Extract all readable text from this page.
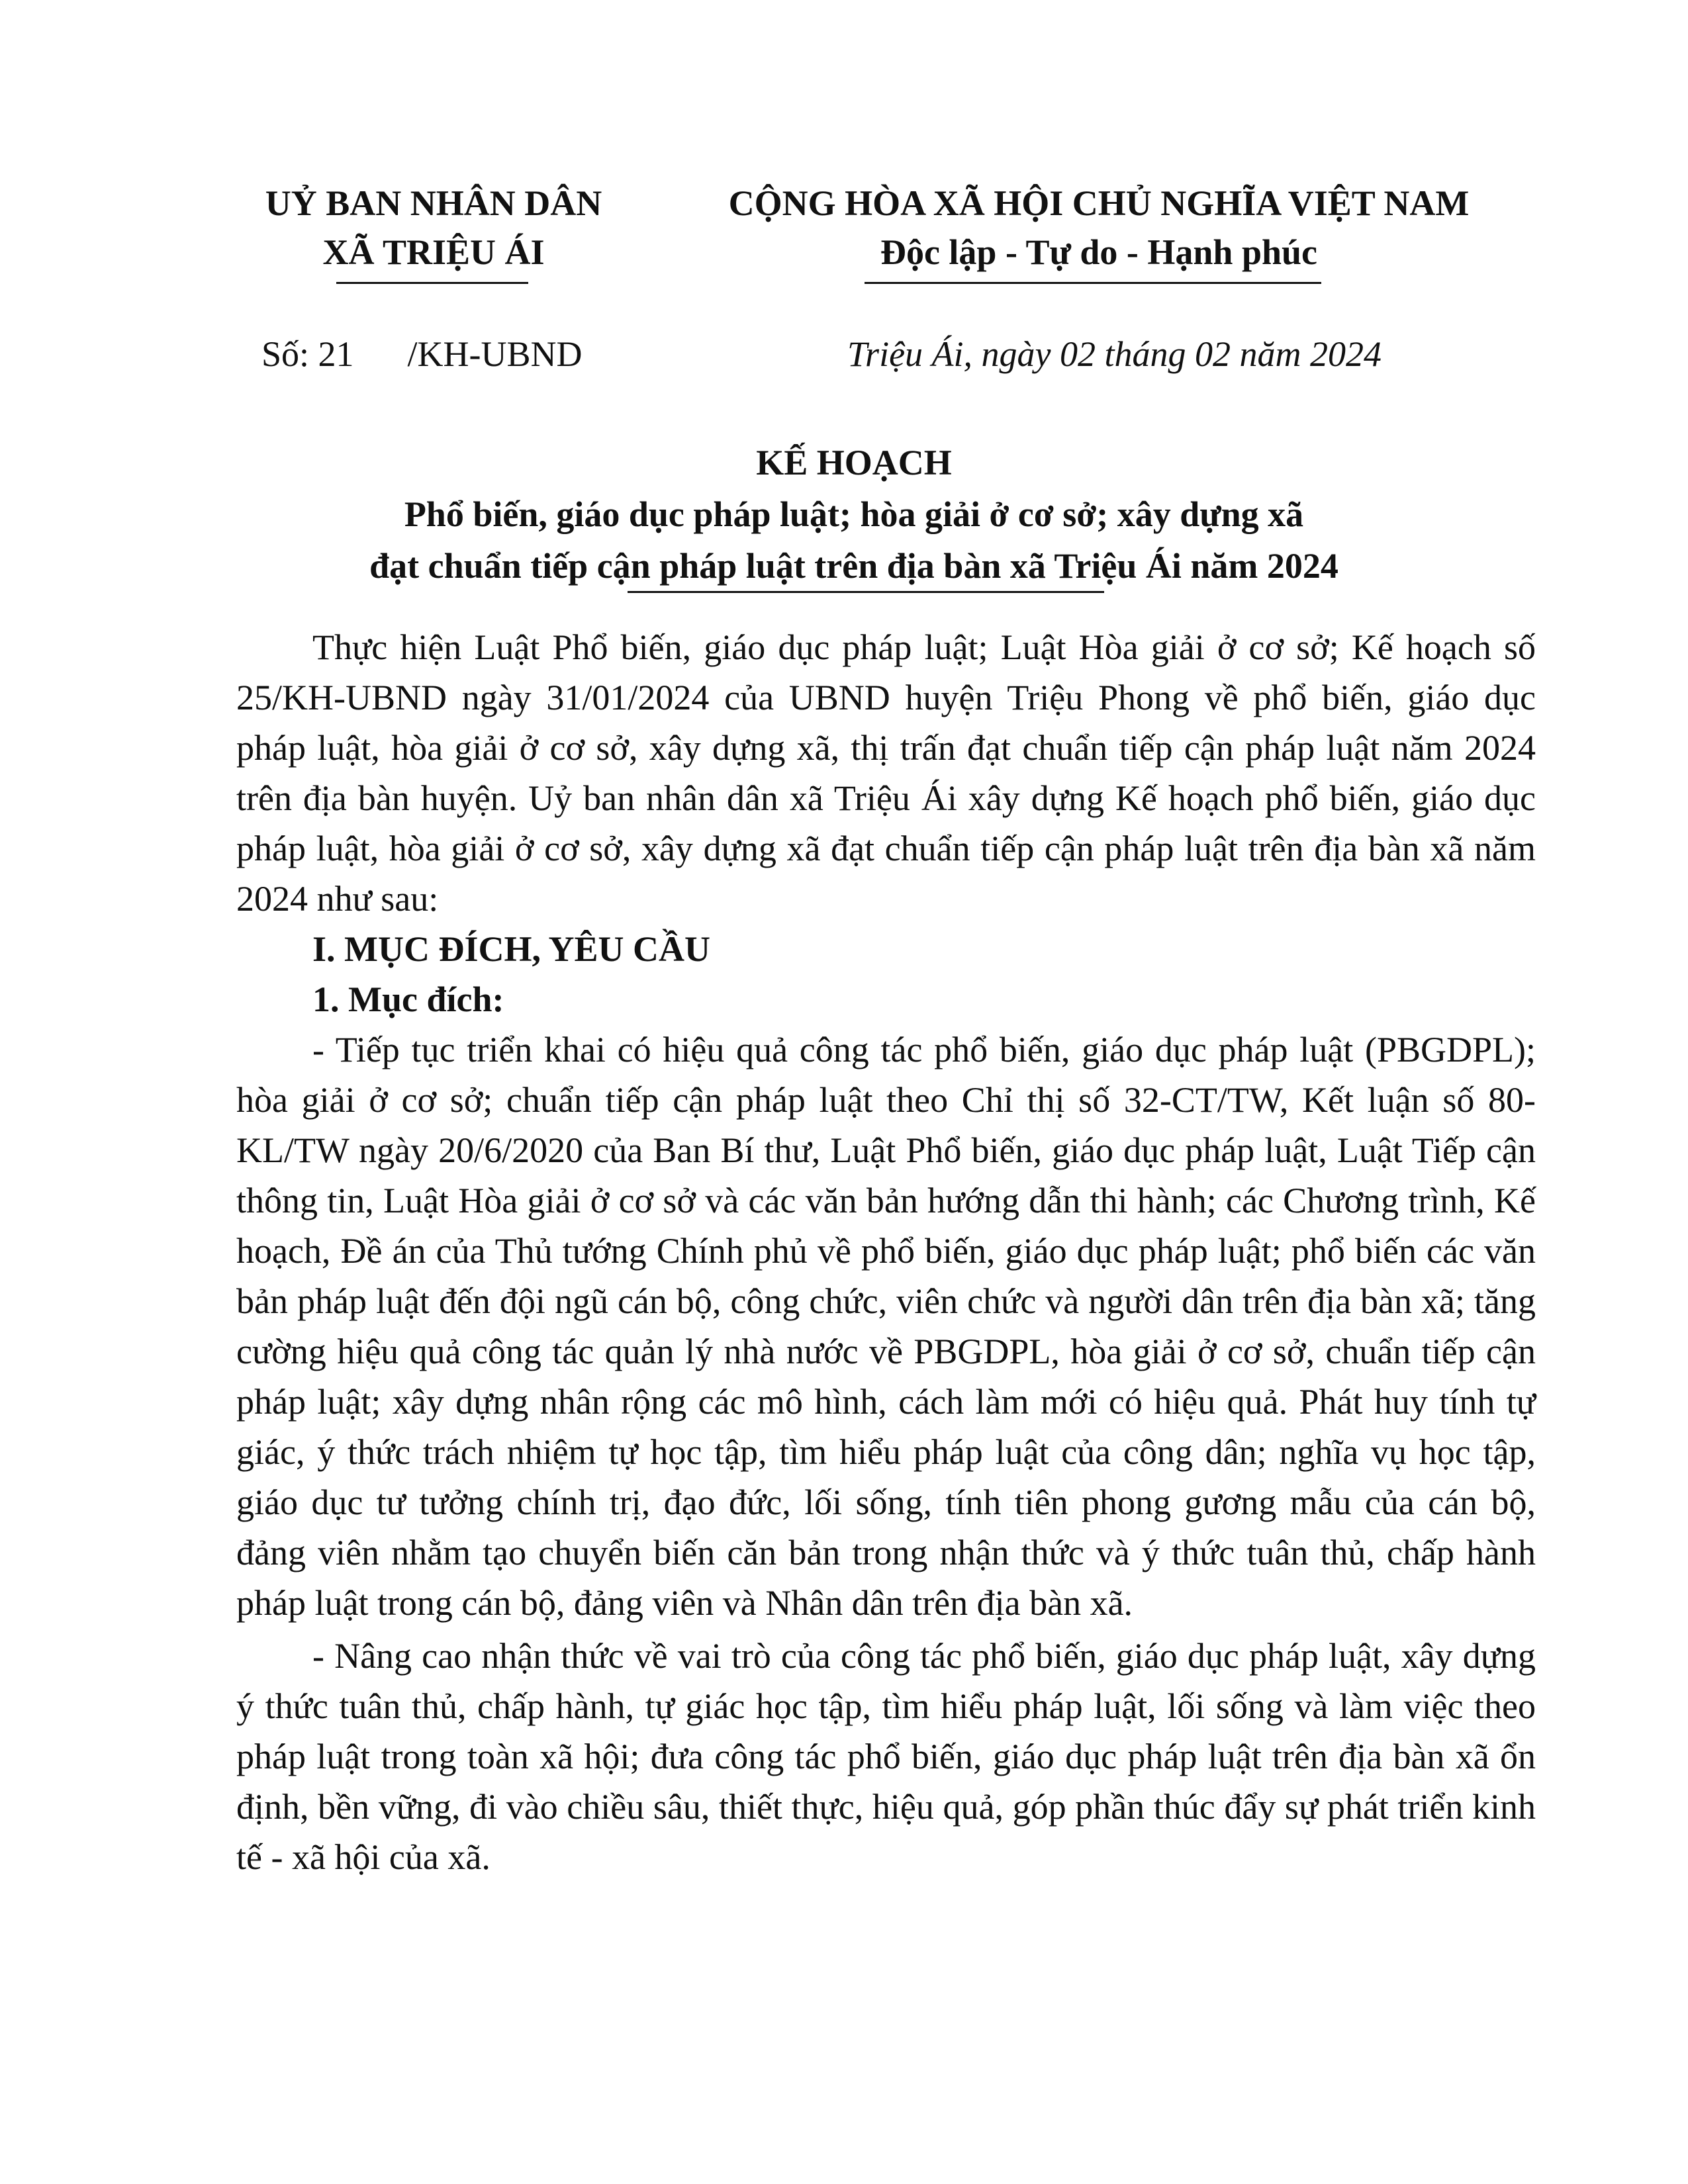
UỶ BAN NHÂN DÂN
XÃ TRIỆU ÁI
CỘNG HÒA XÃ HỘI CHỦ NGHĨA VIỆT NAM
Độc lập - Tự do - Hạnh phúc
Số: 21      /KH-UBND	Triệu Ái, ngày 02 tháng 02 năm 2024
KẾ HOẠCH
Phổ biến, giáo dục pháp luật; hòa giải ở cơ sở; xây dựng xã
đạt chuẩn tiếp cận pháp luật trên địa bàn xã Triệu Ái năm 2024

Thực hiện Luật Phổ biến, giáo dục pháp luật; Luật Hòa giải ở cơ sở; Kế hoạch số 25/KH-UBND ngày 31/01/2024 của UBND huyện Triệu Phong về phổ biến, giáo dục pháp luật, hòa giải ở cơ sở, xây dựng xã, thị trấn đạt chuẩn tiếp cận pháp luật năm 2024 trên địa bàn huyện. Uỷ ban nhân dân xã Triệu Ái xây dựng Kế hoạch phổ biến, giáo dục pháp luật, hòa giải ở cơ sở, xây dựng xã đạt chuẩn tiếp cận pháp luật trên địa bàn xã năm 2024 như sau:

I. MỤC ĐÍCH, YÊU CẦU

1. Mục đích:

- Tiếp tục triển khai có hiệu quả công tác phổ biến, giáo dục pháp luật (PBGDPL); hòa giải ở cơ sở; chuẩn tiếp cận pháp luật theo Chỉ thị số 32-CT/TW, Kết luận số 80-KL/TW ngày 20/6/2020 của Ban Bí thư, Luật Phổ biến, giáo dục pháp luật, Luật Tiếp cận thông tin, Luật Hòa giải ở cơ sở và các văn bản hướng dẫn thi hành; các Chương trình, Kế hoạch, Đề án của Thủ tướng Chính phủ về phổ biến, giáo dục pháp luật; phổ biến các văn bản pháp luật đến đội ngũ cán bộ, công chức, viên chức và người dân trên địa bàn xã; tăng cường hiệu quả công tác quản lý nhà nước về PBGDPL, hòa giải ở cơ sở, chuẩn tiếp cận pháp luật; xây dựng nhân rộng các mô hình, cách làm mới có hiệu quả. Phát huy tính tự giác, ý thức trách nhiệm tự học tập, tìm hiểu pháp luật của công dân; nghĩa vụ học tập, giáo dục tư tưởng chính trị, đạo đức, lối sống, tính tiên phong gương mẫu của cán bộ, đảng viên nhằm tạo chuyển biến căn bản trong nhận thức và ý thức tuân thủ, chấp hành pháp luật trong cán bộ, đảng viên và Nhân dân trên địa bàn xã.

- Nâng cao nhận thức về vai trò của công tác phổ biến, giáo dục pháp luật, xây dựng ý thức tuân thủ, chấp hành, tự giác học tập, tìm hiểu pháp luật, lối sống và làm việc theo pháp luật trong toàn xã hội; đưa công tác phổ biến, giáo dục pháp luật trên địa bàn xã ổn định, bền vững, đi vào chiều sâu, thiết thực, hiệu quả, góp phần thúc đẩy sự phát triển kinh tế - xã hội của xã.
